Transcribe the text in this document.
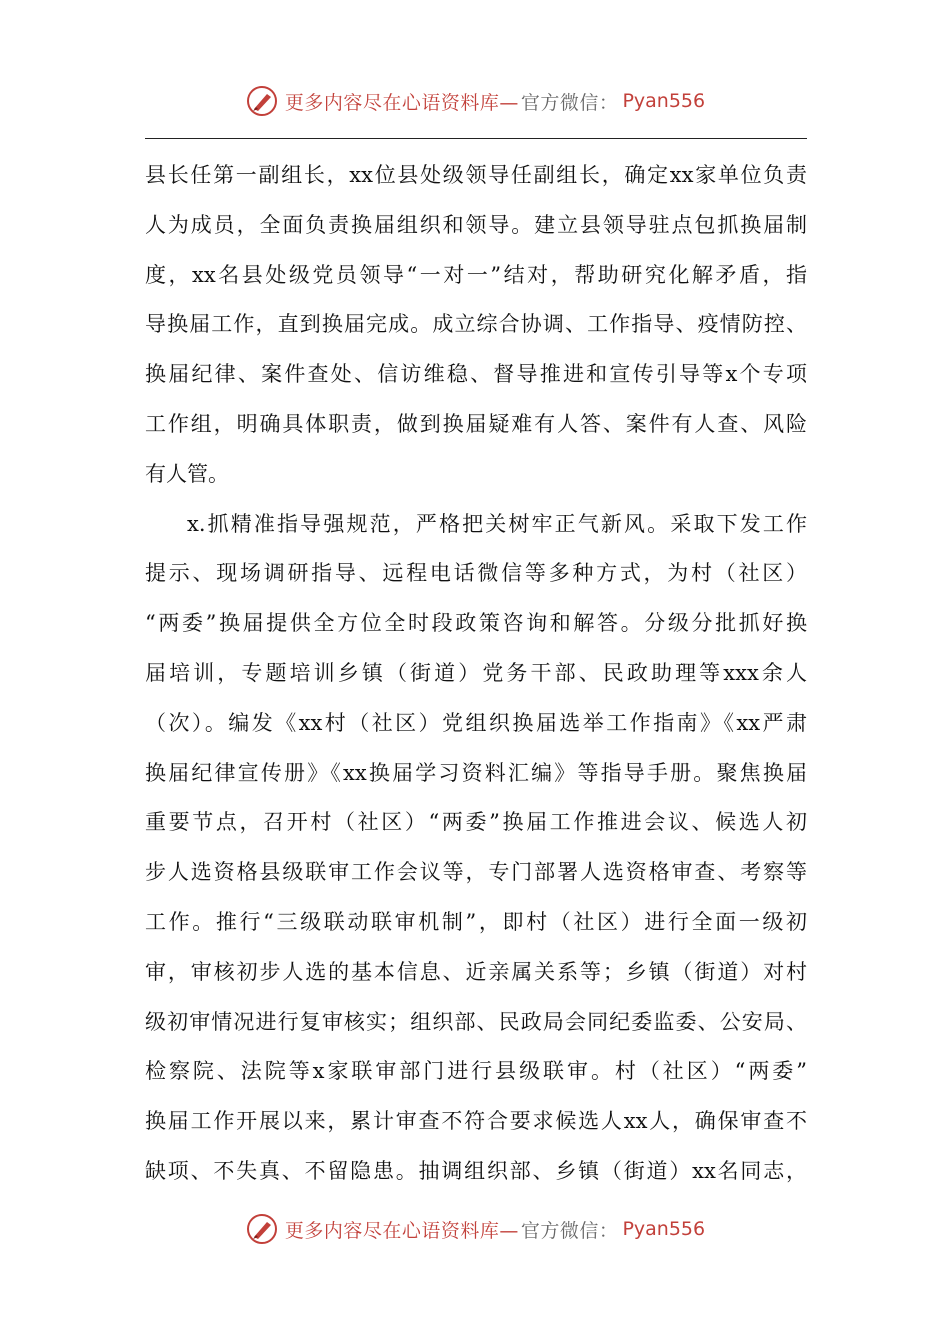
更多内容尽在心语资料库— 官方微信： Pyan556
县长任第一副组长，xx位县处级领导任副组长，确定xx家单位负责
人为成员，全面负责换届组织和领导。建立县领导驻点包抓换届制
度，xx名县处级党员领导“一对一”结对，帮助研究化解矛盾，指
导换届工作，直到换届完成。成立综合协调、工作指导、疫情防控、
换届纪律、案件查处、信访维稳、督导推进和宣传引导等x个专项
工作组，明确具体职责，做到换届疑难有人答、案件有人查、风险
有人管。
x.抓精准指导强规范，严格把关树牢正气新风。采取下发工作
提示、现场调研指导、远程电话微信等多种方式，为村（社区）
“两委”换届提供全方位全时段政策咨询和解答。分级分批抓好换
届培训，专题培训乡镇（街道）党务干部、民政助理等xxx余人
（次）。编发《xx村（社区）党组织换届选举工作指南》《xx严肃
换届纪律宣传册》《xx换届学习资料汇编》等指导手册。聚焦换届
重要节点，召开村（社区）“两委”换届工作推进会议、候选人初
步人选资格县级联审工作会议等，专门部署人选资格审查、考察等
工作。推行“三级联动联审机制”，即村（社区）进行全面一级初
审，审核初步人选的基本信息、近亲属关系等；乡镇（街道）对村
级初审情况进行复审核实；组织部、民政局会同纪委监委、公安局、
检察院、法院等x家联审部门进行县级联审。村（社区）“两委”
换届工作开展以来，累计审查不符合要求候选人xx人，确保审查不
缺项、不失真、不留隐患。抽调组织部、乡镇（街道）xx名同志，
更多内容尽在心语资料库— 官方微信： Pyan556
